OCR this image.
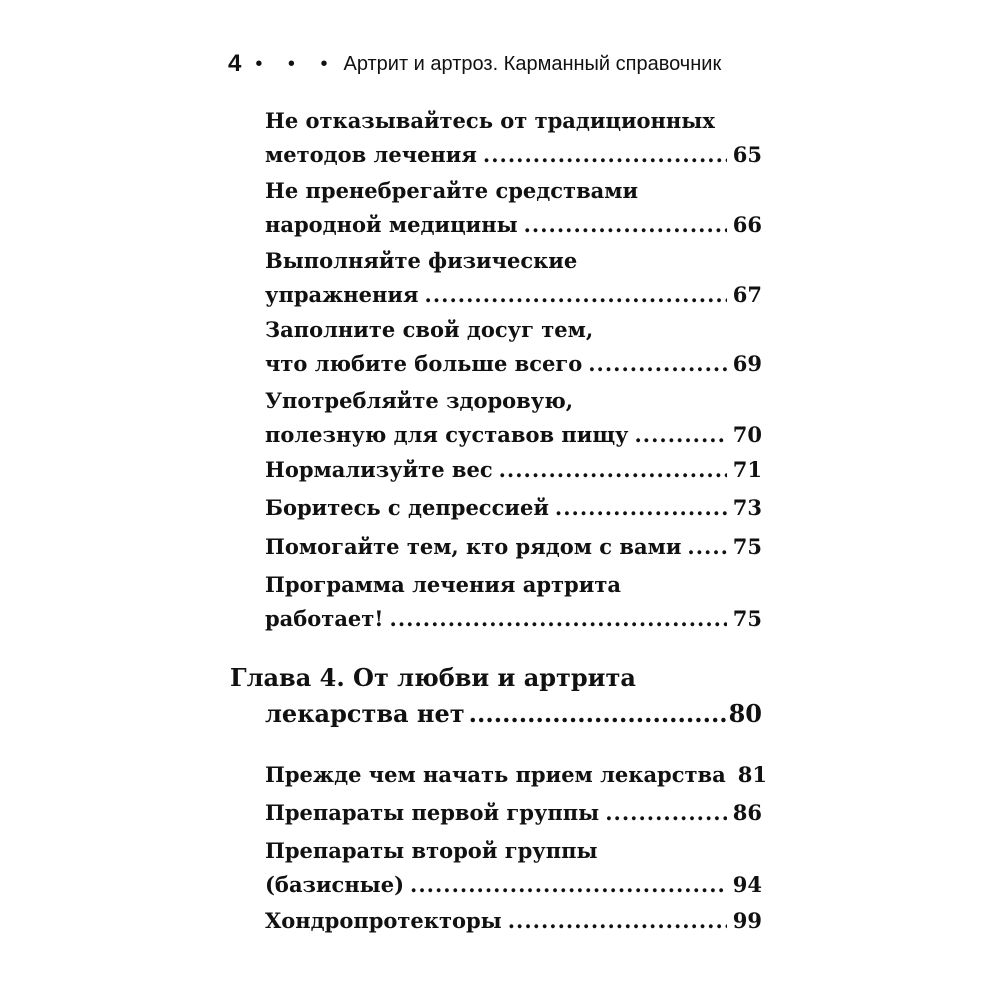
4 • • • Артрит и артроз. Карманный справочник
Не отказывайтесь от традиционных
методов лечения .....	65
Не пренебрегайте средствами
народной медицины .....	66
Выполняйте физические
упражнения .....	67
Заполните свой досуг тем,
что любите больше всего .....	69
Употребляйте здоровую,
полезную для суставов пищу .....	70
Нормализуйте вес .....	71
Боритесь с депрессией .....	73
Помогайте тем, кто рядом с вами ..... 75
Программа лечения артрита
работает! .....	75
Глава 4. От любви и артрита
лекарства нет .....	80
Прежде чем начать прием лекарства 81
Препараты первой группы .....	86
Препараты второй группы
(базисные) .....	94
Хондропротекторы .....	99
